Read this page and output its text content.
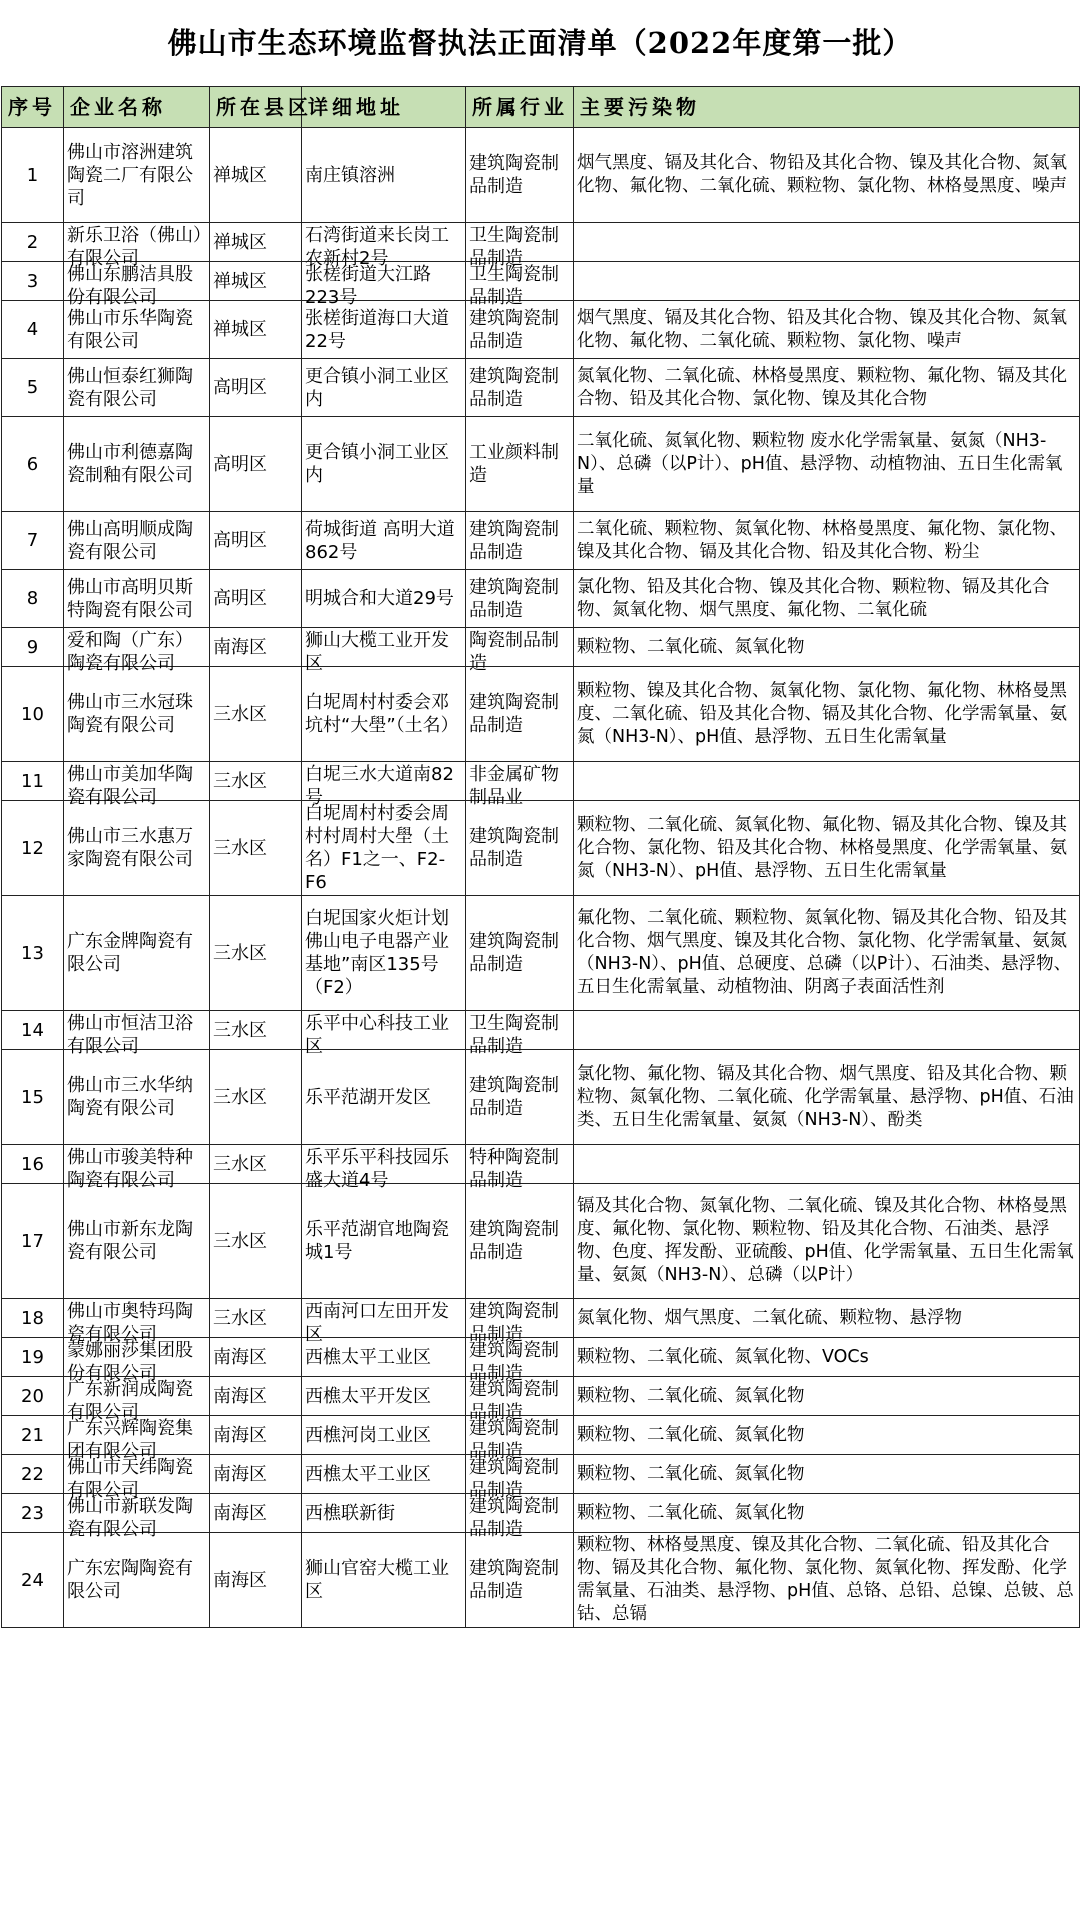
佛山市生态环境监督执法正面清单（2022年度第一批）
序号	企业名称	所在县区	详细地址	所属行业	主要污染物

1	佛山市溶洲建筑陶瓷二厂有限公司	禅城区	南庄镇溶洲	建筑陶瓷制品制造	烟气黑度、镉及其化合、物铅及其化合物、镍及其化合物、氮氧化物、氟化物、二氧化硫、颗粒物、氯化物、林格曼黑度、噪声

2	新乐卫浴（佛山）有限公司	禅城区	石湾街道来长岗工农新村2号	卫生陶瓷制品制造	

3	佛山东鹏洁具股份有限公司	禅城区	张槎街道大江路223号	卫生陶瓷制品制造	

4	佛山市乐华陶瓷有限公司	禅城区	张槎街道海口大道22号	建筑陶瓷制品制造	烟气黑度、镉及其化合物、铅及其化合物、镍及其化合物、氮氧化物、氟化物、二氧化硫、颗粒物、氯化物、噪声

5	佛山恒泰红狮陶瓷有限公司	高明区	更合镇小洞工业区内	建筑陶瓷制品制造	氮氧化物、二氧化硫、林格曼黑度、颗粒物、氟化物、镉及其化合物、铅及其化合物、氯化物、镍及其化合物

6	佛山市利德嘉陶瓷制釉有限公司	高明区	更合镇小洞工业区内	工业颜料制造	二氧化硫、氮氧化物、颗粒物 废水化学需氧量、氨氮（NH3-N）、总磷（以P计）、pH值、悬浮物、动植物油、五日生化需氧量

7	佛山高明顺成陶瓷有限公司	高明区	荷城街道 高明大道862号	建筑陶瓷制品制造	二氧化硫、颗粒物、氮氧化物、林格曼黑度、氟化物、氯化物、镍及其化合物、镉及其化合物、铅及其化合物、粉尘

8	佛山市高明贝斯特陶瓷有限公司	高明区	明城合和大道29号	建筑陶瓷制品制造	氯化物、铅及其化合物、镍及其化合物、颗粒物、镉及其化合物、氮氧化物、烟气黑度、氟化物、二氧化硫

9	爱和陶（广东）陶瓷有限公司	南海区	狮山大榄工业开发区	陶瓷制品制造	颗粒物、二氧化硫、氮氧化物

10	佛山市三水冠珠陶瓷有限公司	三水区	白坭周村村委会邓坑村“大壆”（土名）	建筑陶瓷制品制造	颗粒物、镍及其化合物、氮氧化物、氯化物、氟化物、林格曼黑度、二氧化硫、铅及其化合物、镉及其化合物、化学需氧量、氨氮（NH3-N）、pH值、悬浮物、五日生化需氧量

11	佛山市美加华陶瓷有限公司	三水区	白坭三水大道南82号	非金属矿物制品业	

12	佛山市三水惠万家陶瓷有限公司	三水区	白坭周村村委会周村村周村大壆（土名）F1之一、F2-F6	建筑陶瓷制品制造	颗粒物、二氧化硫、氮氧化物、氟化物、镉及其化合物、镍及其化合物、氯化物、铅及其化合物、林格曼黑度、化学需氧量、氨氮（NH3-N）、pH值、悬浮物、五日生化需氧量

13	广东金牌陶瓷有限公司	三水区	白坭国家火炬计划佛山电子电器产业基地”南区135号（F2）	建筑陶瓷制品制造	氟化物、二氧化硫、颗粒物、氮氧化物、镉及其化合物、铅及其化合物、烟气黑度、镍及其化合物、氯化物、化学需氧量、氨氮（NH3-N）、pH值、总硬度、总磷（以P计）、石油类、悬浮物、五日生化需氧量、动植物油、阴离子表面活性剂

14	佛山市恒洁卫浴有限公司	三水区	乐平中心科技工业区	卫生陶瓷制品制造	

15	佛山市三水华纳陶瓷有限公司	三水区	乐平范湖开发区	建筑陶瓷制品制造	氯化物、氟化物、镉及其化合物、烟气黑度、铅及其化合物、颗粒物、氮氧化物、二氧化硫、化学需氧量、悬浮物、pH值、石油类、五日生化需氧量、氨氮（NH3-N）、酚类

16	佛山市骏美特种陶瓷有限公司	三水区	乐平乐平科技园乐盛大道4号	特种陶瓷制品制造	

17	佛山市新东龙陶瓷有限公司	三水区	乐平范湖官地陶瓷城1号	建筑陶瓷制品制造	镉及其化合物、氮氧化物、二氧化硫、镍及其化合物、林格曼黑度、氟化物、氯化物、颗粒物、铅及其化合物、石油类、悬浮物、色度、挥发酚、亚硫酸、pH值、化学需氧量、五日生化需氧量、氨氮（NH3-N）、总磷（以P计）

18	佛山市奥特玛陶瓷有限公司	三水区	西南河口左田开发区	建筑陶瓷制品制造	氮氧化物、烟气黑度、二氧化硫、颗粒物、悬浮物

19	蒙娜丽莎集团股份有限公司	南海区	西樵太平工业区	建筑陶瓷制品制造	颗粒物、二氧化硫、氮氧化物、VOCs

20	广东新润成陶瓷有限公司	南海区	西樵太平开发区	建筑陶瓷制品制造	颗粒物、二氧化硫、氮氧化物

21	广东兴辉陶瓷集团有限公司	南海区	西樵河岗工业区	建筑陶瓷制品制造	颗粒物、二氧化硫、氮氧化物

22	佛山市天纬陶瓷有限公司	南海区	西樵太平工业区	建筑陶瓷制品制造	颗粒物、二氧化硫、氮氧化物

23	佛山市新联发陶瓷有限公司	南海区	西樵联新街	建筑陶瓷制品制造	颗粒物、二氧化硫、氮氧化物

24	广东宏陶陶瓷有限公司	南海区	狮山官窑大榄工业区	建筑陶瓷制品制造	颗粒物、林格曼黑度、镍及其化合物、二氧化硫、铅及其化合物、镉及其化合物、氟化物、氯化物、氮氧化物、挥发酚、化学需氧量、石油类、悬浮物、pH值、总铬、总铅、总镍、总铍、总钴、总镉
